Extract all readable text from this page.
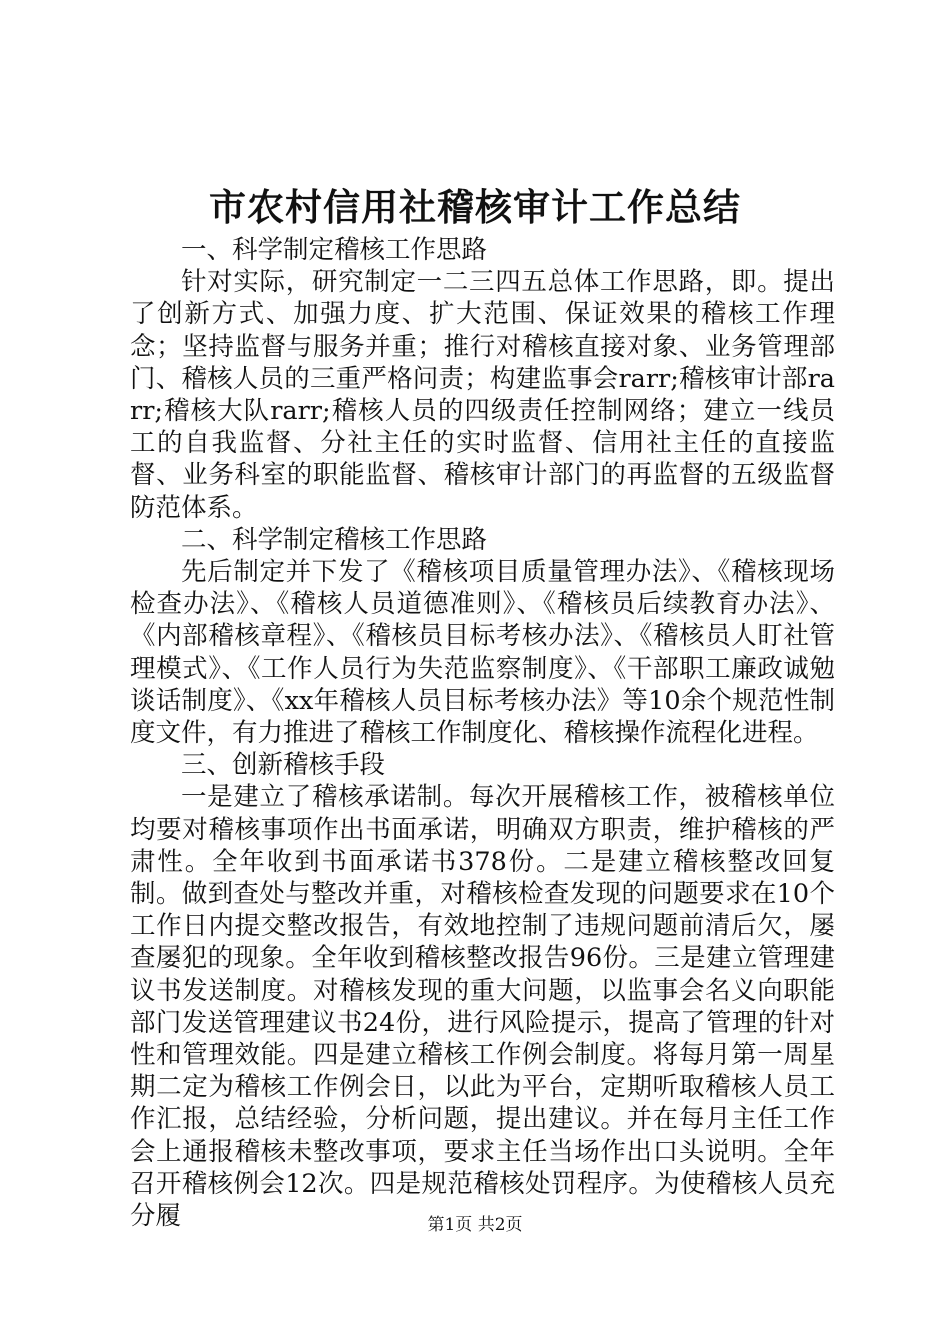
市农村信用社稽核审计工作总结

一、科学制定稽核工作思路

针对实际，研究制定一二三四五总体工作思路，即。提出了创新方式、加强力度、扩大范围、保证效果的稽核工作理念；坚持监督与服务并重；推行对稽核直接对象、业务管理部门、稽核人员的三重严格问责；构建监事会rarr;稽核审计部rarr;稽核大队rarr;稽核人员的四级责任控制网络；建立一线员工的自我监督、分社主任的实时监督、信用社主任的直接监督、业务科室的职能监督、稽核审计部门的再监督的五级监督防范体系。

二、科学制定稽核工作思路

先后制定并下发了《稽核项目质量管理办法》、《稽核现场检查办法》、《稽核人员道德准则》、《稽核员后续教育办法》、《内部稽核章程》、《稽核员目标考核办法》、《稽核员人盯社管理模式》、《工作人员行为失范监察制度》、《干部职工廉政诚勉谈话制度》、《xx年稽核人员目标考核办法》等10余个规范性制度文件，有力推进了稽核工作制度化、稽核操作流程化进程。

三、创新稽核手段

一是建立了稽核承诺制。每次开展稽核工作，被稽核单位均要对稽核事项作出书面承诺，明确双方职责，维护稽核的严肃性。全年收到书面承诺书378份。二是建立稽核整改回复制。做到查处与整改并重，对稽核检查发现的问题要求在10个工作日内提交整改报告，有效地控制了违规问题前清后欠，屡查屡犯的现象。全年收到稽核整改报告96份。三是建立管理建议书发送制度。对稽核发现的重大问题，以监事会名义向职能部门发送管理建议书24份，进行风险提示，提高了管理的针对性和管理效能。四是建立稽核工作例会制度。将每月第一周星期二定为稽核工作例会日，以此为平台，定期听取稽核人员工作汇报，总结经验，分析问题，提出建议。并在每月主任工作会上通报稽核未整改事项，要求主任当场作出口头说明。全年召开稽核例会12次。四是规范稽核处罚程序。为使稽核人员充分履	第1页 共2页
